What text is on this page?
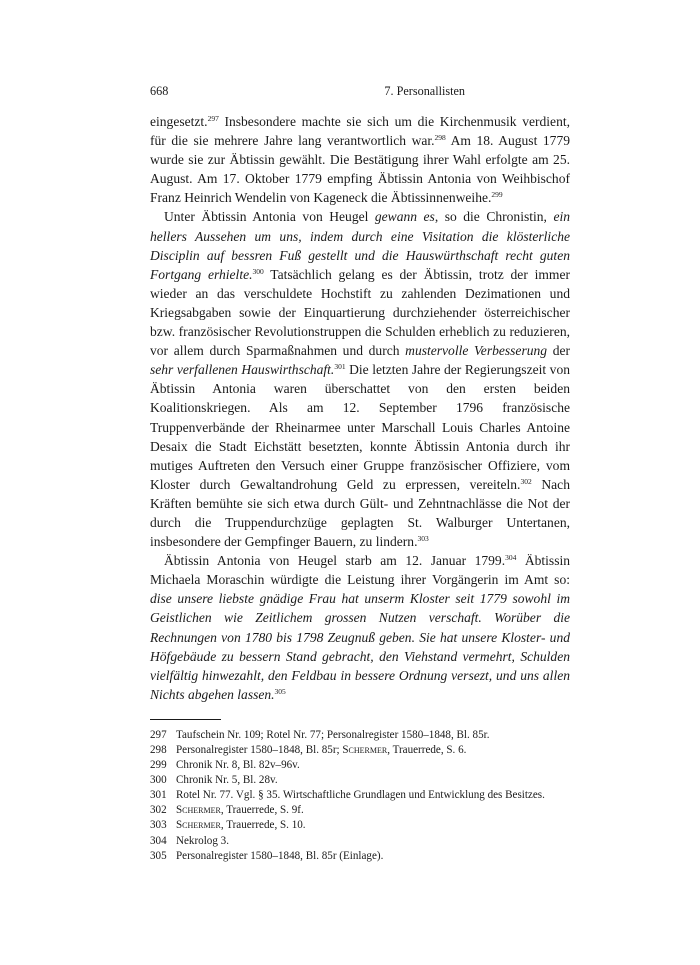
668	7. Personallisten

eingesetzt.$^{297}$ Insbesondere machte sie sich um die Kirchenmusik verdient, für die sie mehrere Jahre lang verantwortlich war.$^{298}$ Am 18. August 1779 wurde sie zur Äbtissin gewählt. Die Bestätigung ihrer Wahl erfolgte am 25. August. Am 17. Oktober 1779 empfing Äbtissin Antonia von Weihbischof Franz Heinrich Wendelin von Kageneck die Äbtissinnenweihe.$^{299}$

Unter Äbtissin Antonia von Heugel gewann es, so die Chronistin, ein hellers Aussehen um uns, indem durch eine Visitation die klösterliche Disciplin auf bessren Fuß gestellt und die Hauswürthschaft recht guten Fortgang erhielte.$^{300}$ Tatsächlich gelang es der Äbtissin, trotz der immer wieder an das verschuldete Hochstift zu zahlenden Dezimationen und Kriegsabgaben sowie der Einquartierung durchziehender österreichischer bzw. französischer Revolutionstruppen die Schulden erheblich zu reduzieren, vor allem durch Sparmaßnahmen und durch mustervolle Verbesserung der sehr verfallenen Hauswirthschaft.$^{301}$ Die letzten Jahre der Regierungszeit von Äbtissin Antonia waren überschattet von den ersten beiden Koalitionskriegen. Als am 12. September 1796 französische Truppenverbände der Rheinarmee unter Marschall Louis Charles Antoine Desaix die Stadt Eichstätt besetzten, konnte Äbtissin Antonia durch ihr mutiges Auftreten den Versuch einer Gruppe französischer Offiziere, vom Kloster durch Gewaltandrohung Geld zu erpressen, vereiteln.$^{302}$ Nach Kräften bemühte sie sich etwa durch Gült- und Zehntnachlässe die Not der durch die Truppendurchzüge geplagten St. Walburger Untertanen, insbesondere der Gempfinger Bauern, zu lindern.$^{303}$

Äbtissin Antonia von Heugel starb am 12. Januar 1799.$^{304}$ Äbtissin Michaela Moraschin würdigte die Leistung ihrer Vorgängerin im Amt so: dise unsere liebste gnädige Frau hat unserm Kloster seit 1779 sowohl im Geistlichen wie Zeitlichem grossen Nutzen verschaft. Worüber die Rechnungen von 1780 bis 1798 Zeugnuß geben. Sie hat unsere Kloster- und Höfgebäude zu bessern Stand gebracht, den Viehstand vermehrt, Schulden vielfältig hinwezahlt, den Feldbau in bessere Ordnung versezt, und uns allen Nichts abgehen lassen.$^{305}$

297 Taufschein Nr. 109; Rotel Nr. 77; Personalregister 1580–1848, Bl. 85r.
298 Personalregister 1580–1848, Bl. 85r; Schermer, Trauerrede, S. 6.
299 Chronik Nr. 8, Bl. 82v–96v.
300 Chronik Nr. 5, Bl. 28v.
301 Rotel Nr. 77. Vgl. § 35. Wirtschaftliche Grundlagen und Entwicklung des Besitzes.
302 Schermer, Trauerrede, S. 9f.
303 Schermer, Trauerrede, S. 10.
304 Nekrolog 3.
305 Personalregister 1580–1848, Bl. 85r (Einlage).
